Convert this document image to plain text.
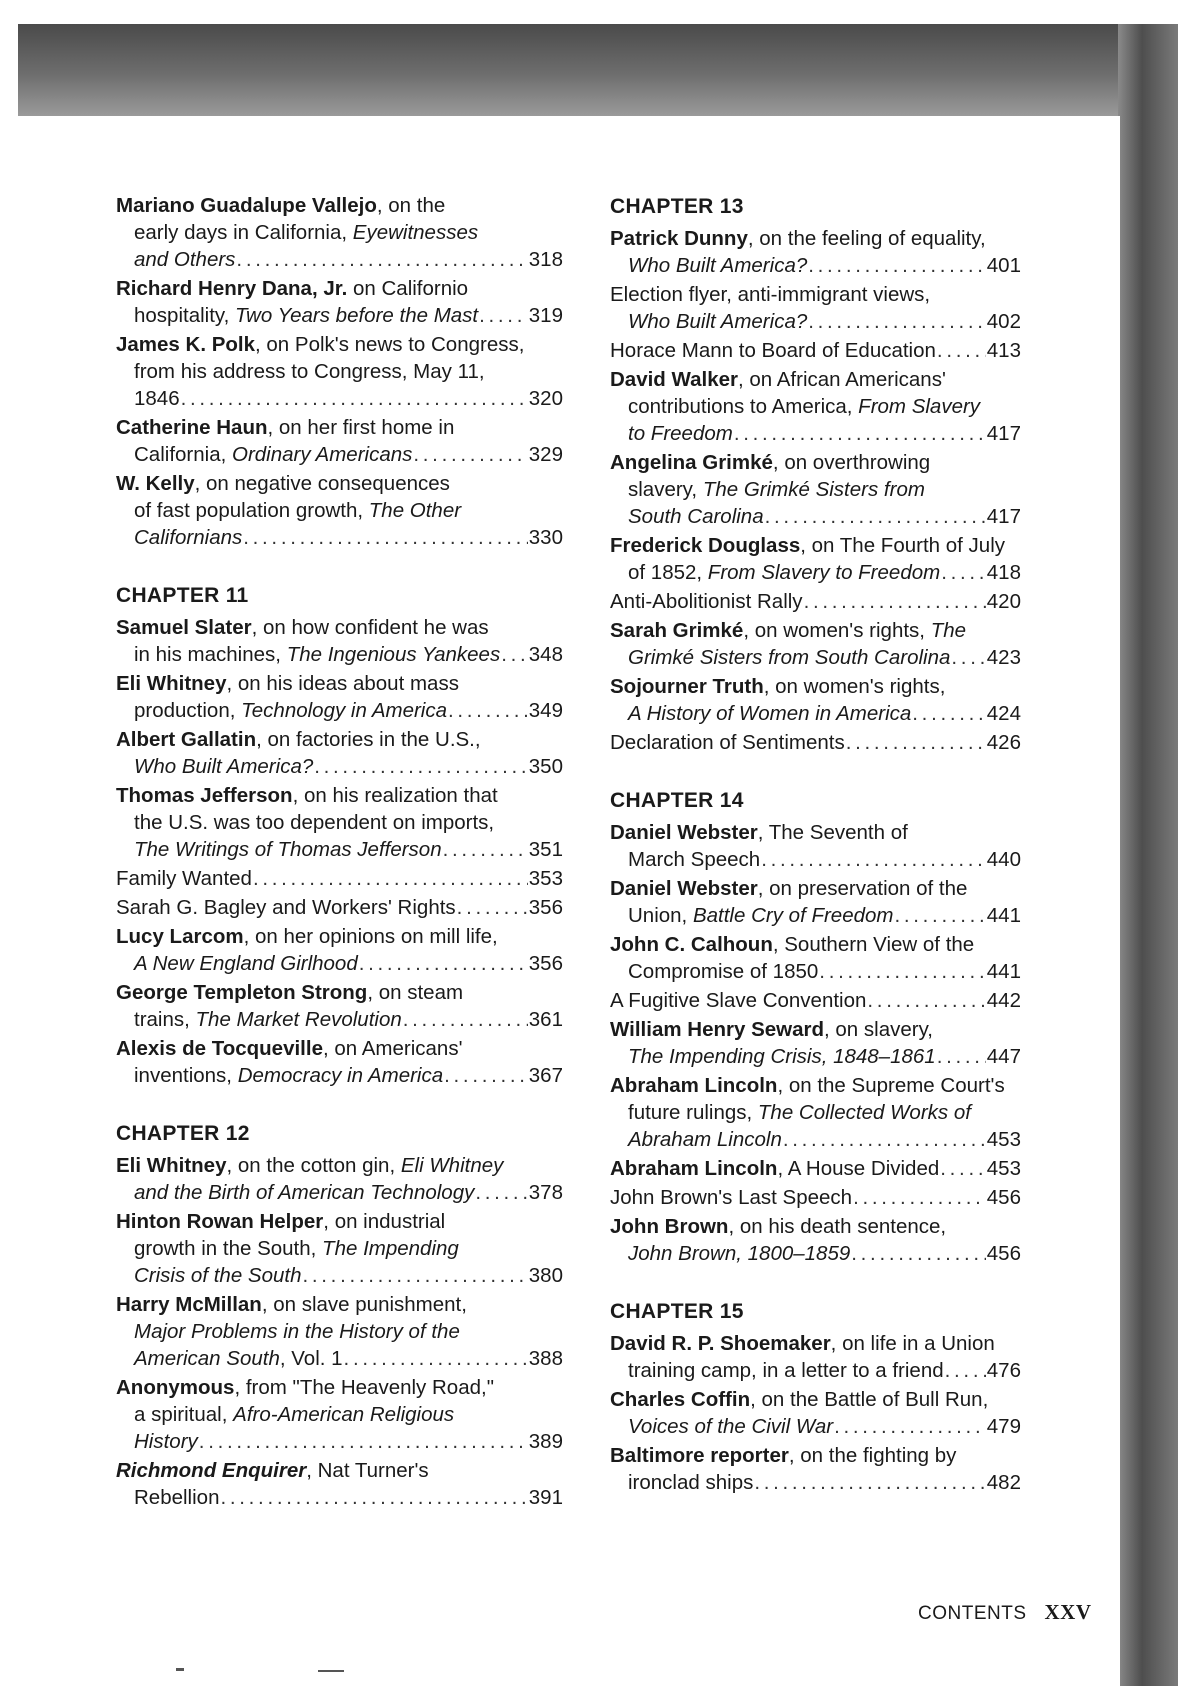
Mariano Guadalupe Vallejo, on the
early days in California, Eyewitnesses
and Others . . .	318
Richard Henry Dana, Jr. on Californio
hospitality, Two Years before the Mast . . . 319
James K. Polk, on Polk's news to Congress,
from his address to Congress, May 11,
1846 . . .	320
Catherine Haun, on her first home in
California, Ordinary Americans . . .	329
W. Kelly, on negative consequences
of fast population growth, The Other
Californians . . .	330
CHAPTER 11
Samuel Slater, on how confident he was
in his machines, The Ingenious Yankees . . . 348
Eli Whitney, on his ideas about mass
production, Technology in America . . .	349
Albert Gallatin, on factories in the U.S.,
Who Built America? . . .	350
Thomas Jefferson, on his realization that
the U.S. was too dependent on imports,
The Writings of Thomas Jefferson . . .	351
Family Wanted . . .	353
Sarah G. Bagley and Workers' Rights . . .	356
Lucy Larcom, on her opinions on mill life,
A New England Girlhood . . .	356
George Templeton Strong, on steam
trains, The Market Revolution . . .	361
Alexis de Tocqueville, on Americans'
inventions, Democracy in America . . .	367
CHAPTER 12
Eli Whitney, on the cotton gin, Eli Whitney
and the Birth of American Technology . . .	378
Hinton Rowan Helper, on industrial
growth in the South, The Impending
Crisis of the South . . .	380
Harry McMillan, on slave punishment,
Major Problems in the History of the
American South, Vol. 1 . . .	388
Anonymous, from "The Heavenly Road,"
a spiritual, Afro-American Religious
History . . .	389
Richmond Enquirer, Nat Turner's
Rebellion . . .	391
CHAPTER 13
Patrick Dunny, on the feeling of equality,
Who Built America? . . .	401
Election flyer, anti-immigrant views,
Who Built America? . . .	402
Horace Mann to Board of Education . . . 413
David Walker, on African Americans'
contributions to America, From Slavery
to Freedom . . .	417
Angelina Grimké, on overthrowing
slavery, The Grimké Sisters from
South Carolina . . .	417
Frederick Douglass, on The Fourth of July
of 1852, From Slavery to Freedom . . . 418
Anti-Abolitionist Rally . . .	420
Sarah Grimké, on women's rights, The
Grimké Sisters from South Carolina . . . 423
Sojourner Truth, on women's rights,
A History of Women in America . . .	424
Declaration of Sentiments . . .	426
CHAPTER 14
Daniel Webster, The Seventh of
March Speech . . .	440
Daniel Webster, on preservation of the
Union, Battle Cry of Freedom . . .	441
John C. Calhoun, Southern View of the
Compromise of 1850 . . .	441
A Fugitive Slave Convention . . .	442
William Henry Seward, on slavery,
The Impending Crisis, 1848–1861 . . . 447
Abraham Lincoln, on the Supreme Court's
future rulings, The Collected Works of
Abraham Lincoln . . .	453
Abraham Lincoln, A House Divided . . . 453
John Brown's Last Speech . . .	456
John Brown, on his death sentence,
John Brown, 1800–1859 . . .	456
CHAPTER 15
David R. P. Shoemaker, on life in a Union
training camp, in a letter to a friend . . . 476
Charles Coffin, on the Battle of Bull Run,
Voices of the Civil War . . .	479
Baltimore reporter, on the fighting by
ironclad ships . . .	482
CONTENTS XXV
